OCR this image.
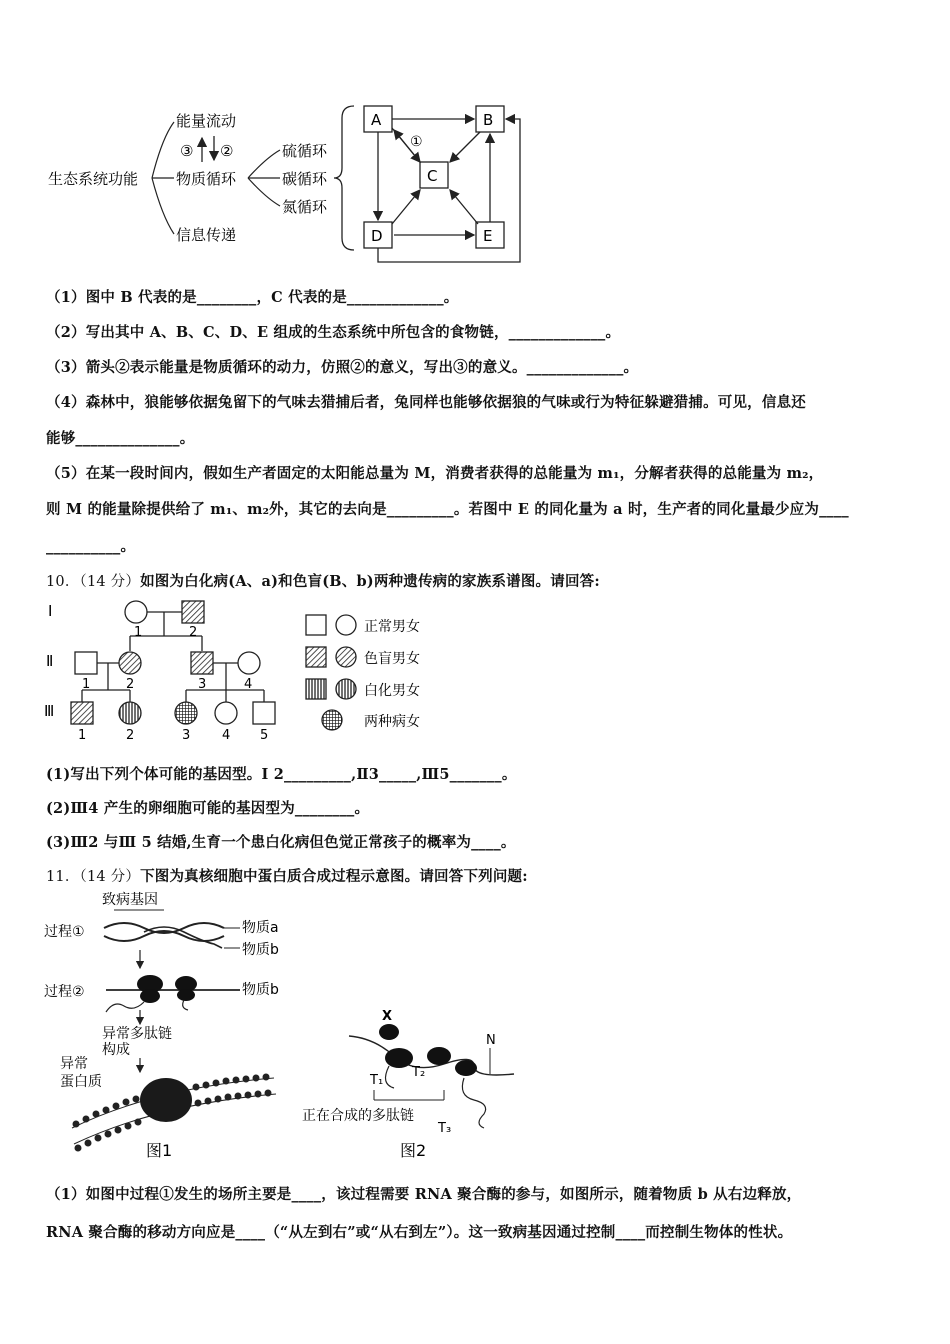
生态系统功能
能量流动
物质循环
信息传递
③ ②	硫循环
碳循环
氮循环
A	B
C
D	E
①
（1）图中 B 代表的是________，C 代表的是_____________。
（2）写出其中 A、B、C、D、E 组成的生态系统中所包含的食物链，_____________。
（3）箭头②表示能量是物质循环的动力，仿照②的意义，写出③的意义。_____________。
（4）森林中，狼能够依据兔留下的气味去猎捕后者，兔同样也能够依据狼的气味或行为特征躲避猎捕。可见，信息还
能够______________。
（5）在某一段时间内，假如生产者固定的太阳能总量为 M，消费者获得的总能量为 m₁，分解者获得的总能量为 m₂，
则 M 的能量除提供给了 m₁、m₂外，其它的去向是_________。若图中 E 的同化量为 a 时，生产者的同化量最少应为____
__________。
10．（14 分）如图为白化病(A、a)和色盲(B、b)两种遗传病的家族系谱图。请回答:
Ⅰ
Ⅱ
Ⅲ
1	2
1	2	3	4
1	2	3 4 5
正常男女
色盲男女
白化男女
两种病女
(1)写出下列个体可能的基因型。Ⅰ 2_________,Ⅱ3_____,Ⅲ5_______。
(2)Ⅲ4 产生的卵细胞可能的基因型为________。
(3)Ⅲ2 与Ⅲ 5 结婚,生育一个患白化病但色觉正常孩子的概率为____。
11．（14 分）下图为真核细胞中蛋白质合成过程示意图。请回答下列问题:
致病基因
过程①	物质a
物质b
过程②	物质b
异常多肽链
构成
异常
蛋白质
图1
X
N
T₁
T₂
T₃
正在合成的多肽链
图2
（1）如图中过程①发生的场所主要是____，该过程需要 RNA 聚合酶的参与，如图所示，随着物质 b 从右边释放，
RNA 聚合酶的移动方向应是____（“从左到右”或“从右到左”）。这一致病基因通过控制____而控制生物体的性状。
